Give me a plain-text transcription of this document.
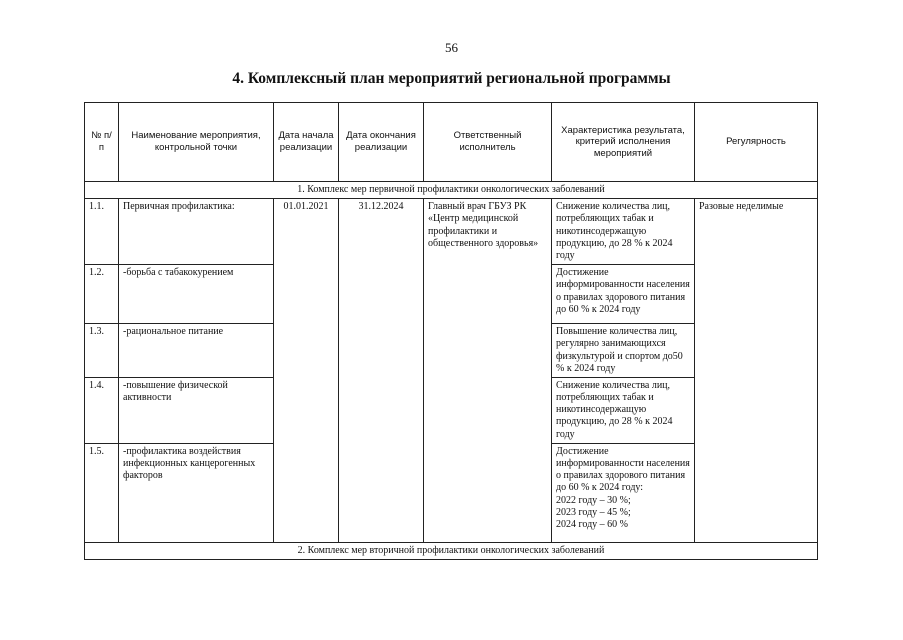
56
4. Комплексный план мероприятий региональной программы
№ п/п	Наименование мероприятия, контрольной точки	Дата начала реализации	Дата окончания реализации	Ответственный исполнитель	Характеристика результата, критерий исполнения мероприятий	Регулярность
1. Комплекс мер первичной профилактики онкологических заболеваний						
1.1.	Первичная профилактика:	01.01.2021	31.12.2024	Главный врач ГБУЗ РК «Центр медицинской профилактики и общественного здоровья»	Снижение количества лиц, потребляющих табак и никотинсодержащую продукцию, до 28 % к 2024 году	Разовые неделимые
1.2.	-борьба с табакокурением				Достижение информированности населения о правилах здорового питания до 60 % к 2024 году	
1.3.	-рациональное питание				Повышение количества лиц, регулярно занимающихся физкультурой и спортом до50 % к 2024 году	
1.4.	-повышение физической активности				Снижение количества лиц, потребляющих табак и никотинсодержащую продукцию, до 28 % к 2024 году	
1.5.	-профилактика воздействия инфекционных канцерогенных факторов				Достижение информированности населения о правилах здорового питания до 60 % к 2024 году:
2022 году – 30 %;
2023 году – 45 %;
2024 году – 60 %	

2. Комплекс мер вторичной профилактики онкологических заболеваний						
